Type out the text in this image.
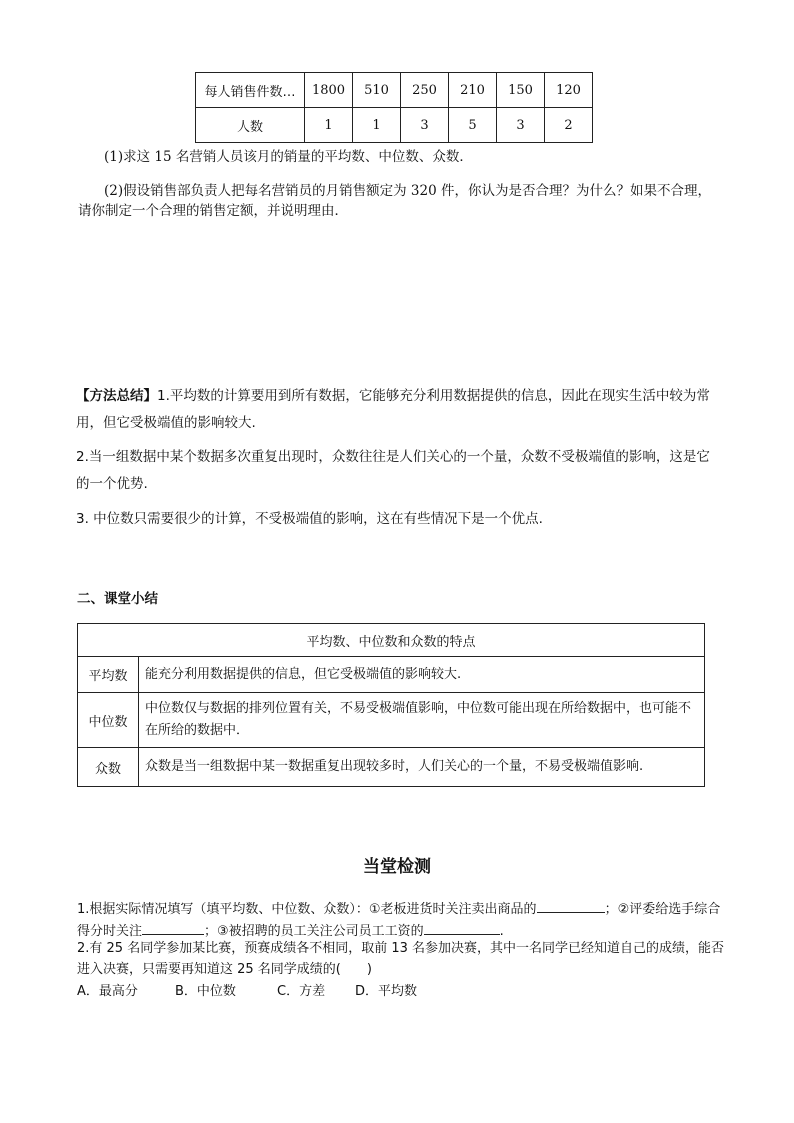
每人销售件数…	1800	510	250	210	150	120
人数	1	1	3	5	3	2
(1)求这 15 名营销人员该月的销量的平均数、中位数、众数．
(2)假设销售部负责人把每名营销员的月销售额定为 320 件，你认为是否合理？为什么？如果不合理，
请你制定一个合理的销售定额，并说明理由．
【方法总结】1.平均数的计算要用到所有数据，它能够充分利用数据提供的信息，因此在现实生活中较为常用，但它受极端值的影响较大.
2.当一组数据中某个数据多次重复出现时，众数往往是人们关心的一个量，众数不受极端值的影响，这是它的一个优势.
3. 中位数只需要很少的计算，不受极端值的影响，这在有些情况下是一个优点.
二、课堂小结
平均数、中位数和众数的特点	
平均数	能充分利用数据提供的信息，但它受极端值的影响较大.
中位数	中位数仅与数据的排列位置有关，不易受极端值影响，中位数可能出现在所给数据中，也可能不在所给的数据中．
众数	众数是当一组数据中某一数据重复出现较多时，人们关心的一个量，不易受极端值影响.
当堂检测
1.根据实际情况填写（填平均数、中位数、众数）：①老板进货时关注卖出商品的	；②评委给选手综合得分时关注	；③被招聘的员工关注公司员工工资的	.
2.有 25 名同学参加某比赛，预赛成绩各不相同，取前 13 名参加决赛，其中一名同学已经知道自己的成绩，能否进入决赛，只需要再知道这 25 名同学成绩的(　　)
A．最高分	B．中位数	C．方差 D．平均数
